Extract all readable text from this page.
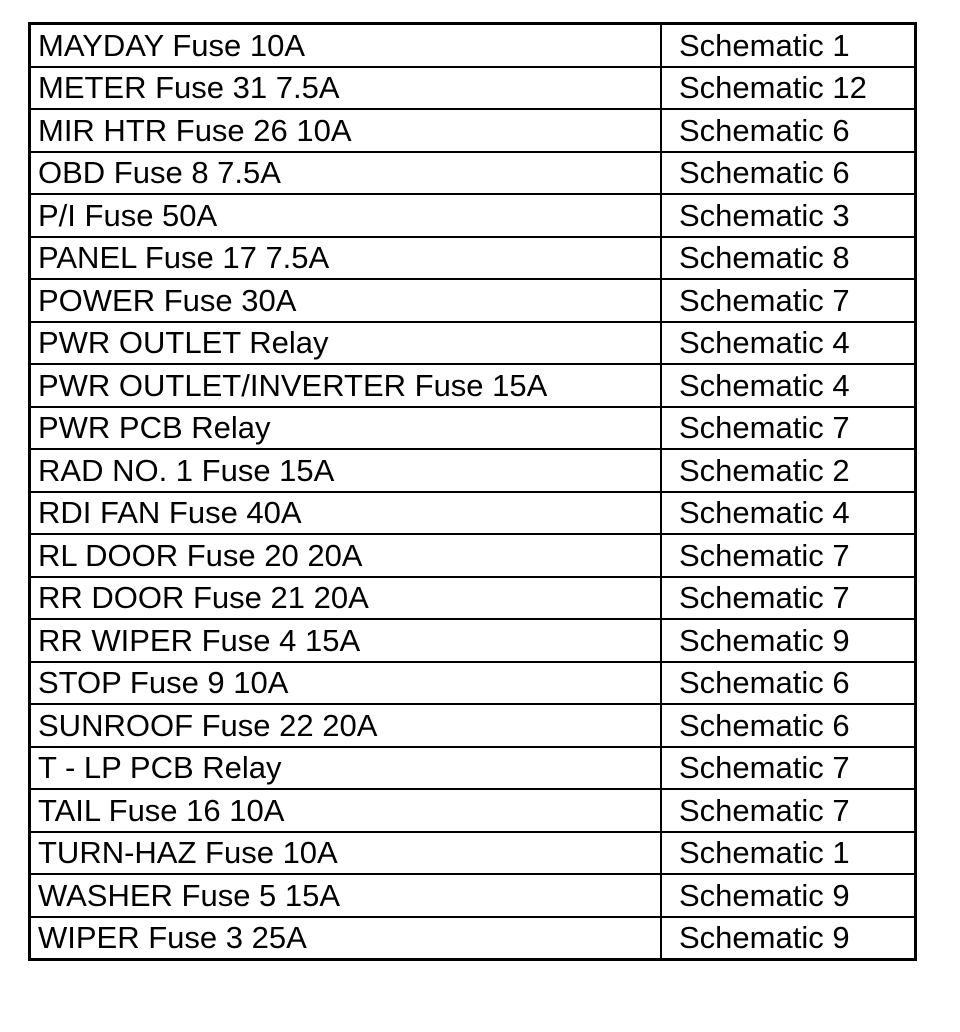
MAYDAY Fuse 10A	Schematic 1
METER Fuse 31 7.5A	Schematic 12
MIR HTR Fuse 26 10A	Schematic 6
OBD Fuse 8 7.5A	Schematic 6
P/I Fuse 50A	Schematic 3
PANEL Fuse 17 7.5A	Schematic 8
POWER Fuse 30A	Schematic 7
PWR OUTLET Relay	Schematic 4
PWR OUTLET/INVERTER Fuse 15A	Schematic 4
PWR PCB Relay	Schematic 7
RAD NO. 1 Fuse 15A	Schematic 2
RDI FAN Fuse 40A	Schematic 4
RL DOOR Fuse 20 20A	Schematic 7
RR DOOR Fuse 21 20A	Schematic 7
RR WIPER Fuse 4 15A	Schematic 9
STOP Fuse 9 10A	Schematic 6
SUNROOF Fuse 22 20A	Schematic 6
T - LP PCB Relay	Schematic 7
TAIL Fuse 16 10A	Schematic 7
TURN-HAZ Fuse 10A	Schematic 1
WASHER Fuse 5 15A	Schematic 9
WIPER Fuse 3 25A	Schematic 9
